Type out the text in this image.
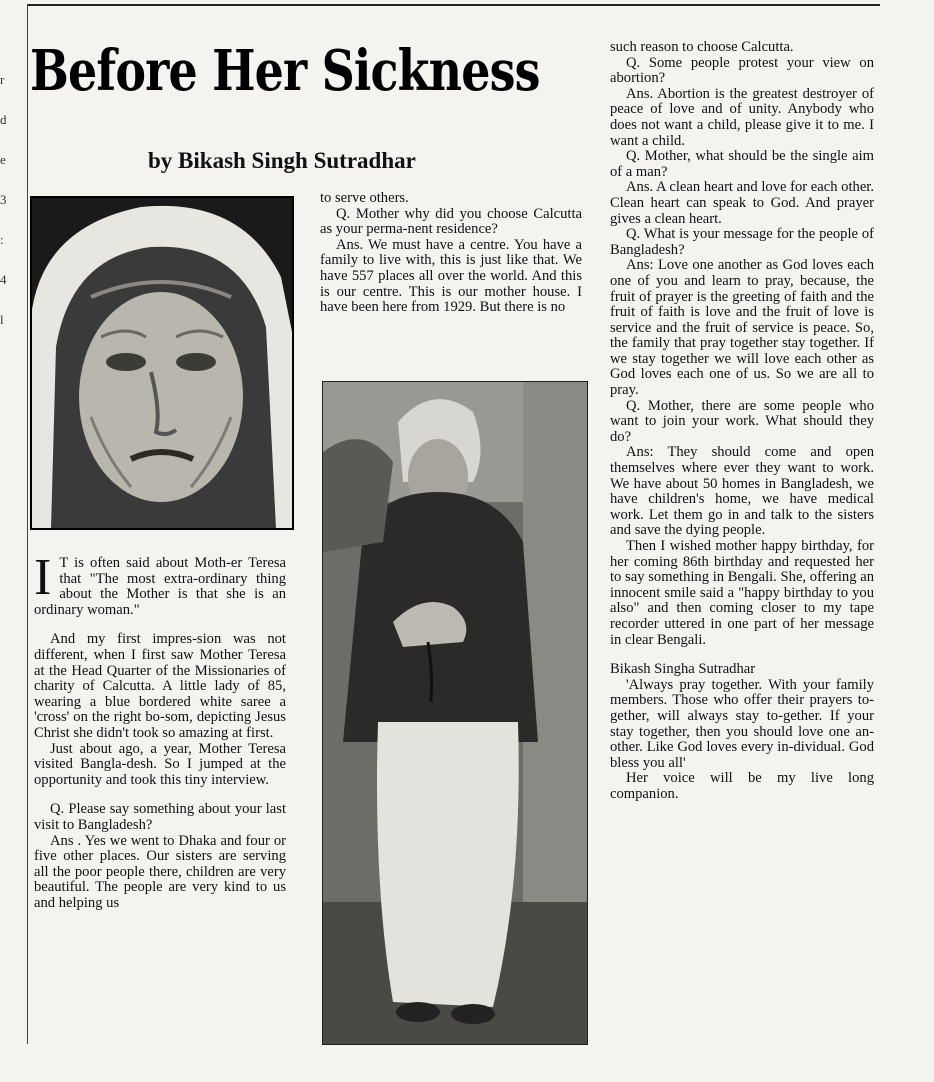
r d e 3 : 4 l
Before Her Sickness
by Bikash Singh Sutradhar
I T is often said about Moth-er Teresa that "The most extra-ordinary thing about the Mother is that she is an ordinary woman."

And my first impres-sion was not different, when I first saw Mother Teresa at the Head Quarter of the Missionaries of charity of Calcutta. A little lady of 85, wearing a blue bordered white saree a 'cross' on the right bo-som, depicting Jesus Christ she didn't took so amazing at first.

Just about ago, a year, Mother Teresa visited Bangla-desh. So I jumped at the opportunity and took this tiny interview.

Q. Please say something about your last visit to Bangladesh?

Ans . Yes we went to Dhaka and four or five other places. Our sisters are serving all the poor people there, children are very beautiful. The people are very kind to us and helping us

to serve others.

Q. Mother why did you choose Calcutta as your perma-nent residence?

Ans. We must have a centre. You have a family to live with, this is just like that. We have 557 places all over the world. And this is our centre. This is our mother house. I have been here from 1929. But there is no

such reason to choose Calcutta.

Q. Some people protest your view on abortion?

Ans. Abortion is the greatest destroyer of peace of love and of unity. Anybody who does not want a child, please give it to me. I want a child.

Q. Mother, what should be the single aim of a man?

Ans. A clean heart and love for each other. Clean heart can speak to God. And prayer gives a clean heart.

Q. What is your message for the people of Bangladesh?

Ans: Love one another as God loves each one of you and learn to pray, because, the fruit of prayer is the greeting of faith and the fruit of faith is love and the fruit of love is service and the fruit of service is peace. So, the family that pray together stay together. If we stay together we will love each other as God loves each one of us. So we are all to pray.

Q. Mother, there are some people who want to join your work. What should they do?

Ans: They should come and open themselves where ever they want to work. We have about 50 homes in Bangladesh, we have children's home, we have medical work. Let them go in and talk to the sisters and save the dying people.

Then I wished mother happy birthday, for her coming 86th birthday and requested her to say something in Bengali. She, offering an innocent smile said a "happy birthday to you also" and then coming closer to my tape recorder uttered in one part of her message in clear Bengali.

Bikash Singha Sutradhar

'Always pray together. With your family members. Those who offer their prayers to-gether, will always stay to-gether. If your stay together, then you should love one an-other. Like God loves every in-dividual. God bless you all'

Her voice will be my live long companion.
